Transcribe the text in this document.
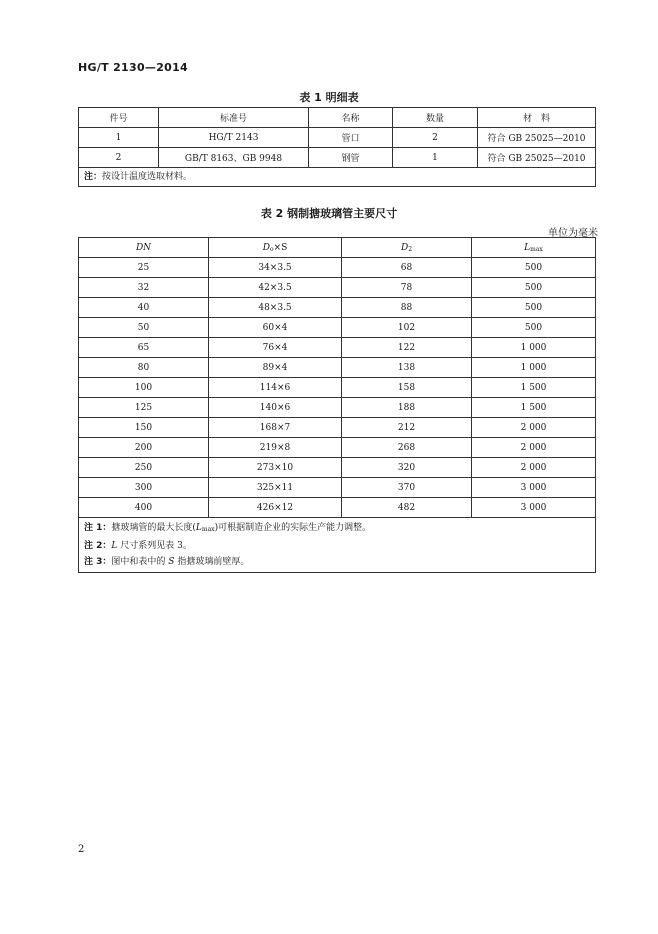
HG/T 2130—2014
表 1 明细表
件号	标准号	名称	数量	材　料
1	HG/T 2143	管口	2	符合 GB 25025—2010
2	GB/T 8163、GB 9948	钢管	1	符合 GB 25025—2010
注：按设计温度选取材料。				
表 2 钢制搪玻璃管主要尺寸
单位为毫米
DN	$D_o\times S$	$D_2$	$L_{max}$
25	34×3.5	68	500
32	42×3.5	78	500
40	48×3.5	88	500
50	60×4	102	500
65	76×4	122	1 000
80	89×4	138	1 000
100	114×6	158	1 500
125	140×6	188	1 500
150	168×7	212	2 000
200	219×8	268	2 000
250	273×10	320	2 000
300	325×11	370	3 000
400	426×12	482	3 000

注 1：搪玻璃管的最大长度$(L_{max})$可根据制造企业的实际生产能力调整。
注 2：L 尺寸系列见表 3。
注 3：图中和表中的 S 指搪玻璃前壁厚。			
2
